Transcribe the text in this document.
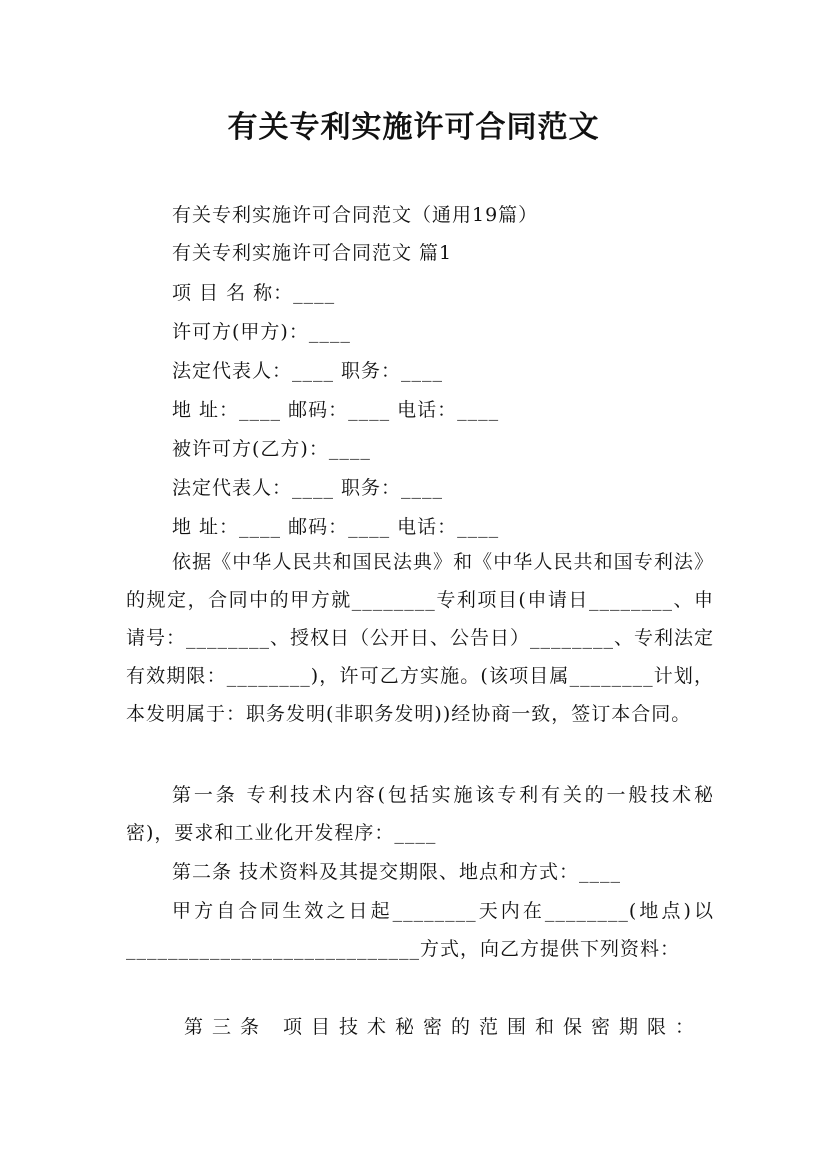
有关专利实施许可合同范文
有关专利实施许可合同范文（通用19篇）
有关专利实施许可合同范文 篇1
项 目 名 称：____
许可方(甲方)：____
法定代表人：____ 职务：____
地 址：____ 邮码：____ 电话：____
被许可方(乙方)：____
法定代表人：____ 职务：____
地 址：____ 邮码：____ 电话：____
依据《中华人民共和国民法典》和《中华人民共和国专利法》的规定，合同中的甲方就________专利项目(申请日________、申请号：________、授权日（公开日、公告日）________、专利法定有效期限：________)，许可乙方实施。(该项目属________计划，本发明属于：职务发明(非职务发明))经协商一致，签订本合同。
第一条 专利技术内容(包括实施该专利有关的一般技术秘密)，要求和工业化开发程序：____
第二条 技术资料及其提交期限、地点和方式：____
甲方自合同生效之日起________天内在________(地点)以____________________________方式，向乙方提供下列资料：
第三条 项目技术秘密的范围和保密期限：
